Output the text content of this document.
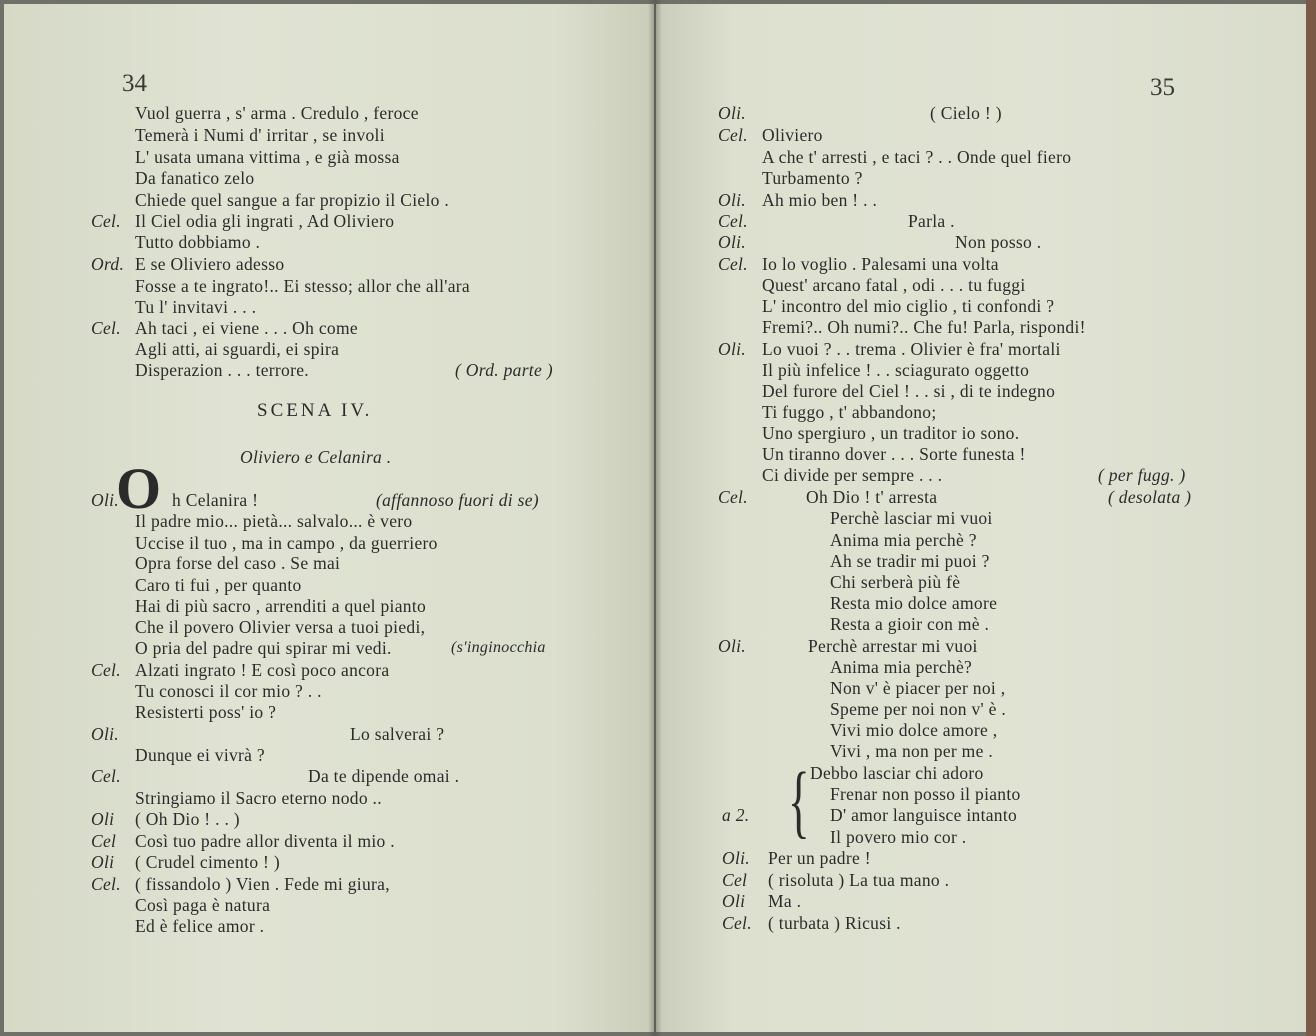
34
Vuol guerra , s' arma . Credulo , feroce
Temerà i Numi d' irritar , se involi
L' usata umana vittima , e già mossa
Da fanatico zelo
Chiede quel sangue a far propizio il Cielo .
Cel. Il Ciel odia gli ingrati , Ad Oliviero
Tutto dobbiamo .
Ord. E se Oliviero adesso
Fosse a te ingrato!.. Ei stesso; allor che all'ara
Tu l' invitavi . . .
Cel. Ah taci , ei viene . . . Oh come
Agli atti, ai sguardi, ei spira
Disperazion . . . terrore.	( Ord. parte )
SCENA IV.
Oliviero e Celanira .
Oli.
O h Celanira !	(affannoso fuori di se)
Il padre mio... pietà... salvalo... è vero
Uccise il tuo , ma in campo , da guerriero
Opra forse del caso . Se mai
Caro ti fui , per quanto
Hai di più sacro , arrenditi a quel pianto
Che il povero Olivier versa a tuoi piedi,
O pria del padre qui spirar mi vedi.
Cel. Alzati ingrato ! E così poco ancora
Tu conosci il cor mio ? . .
Resisterti poss' io ?
Oli.	Lo salverai ?
Dunque ei vivrà ?
Cel.	Da te dipende omai .
Stringiamo il Sacro eterno nodo ..
Oli ( Oh Dio ! . . )
Cel Così tuo padre allor diventa il mio .
Oli ( Crudel cimento ! )
Cel. ( fissandolo ) Vien . Fede mi giura,
Così paga è natura
Ed è felice amor .
(s'inginocchia
35
Oli.	( Cielo ! )
Cel. Oliviero
A che t' arresti , e taci ? . . Onde quel fiero
Turbamento ?
Oli. Ah mio ben ! . .
Cel.	Parla .
Oli.	Non posso .
Cel. Io lo voglio . Palesami una volta
Quest' arcano fatal , odi . . . tu fuggi
L' incontro del mio ciglio , ti confondi ?
Fremi?.. Oh numi?.. Che fu! Parla, rispondi!
Oli. Lo vuoi ? . . trema . Olivier è fra' mortali
Il più infelice ! . . sciagurato oggetto
Del furore del Ciel ! . . si , di te indegno
Ti fuggo , t' abbandono;
Uno spergiuro , un traditor io sono.
Un tiranno dover . . . Sorte funesta !
Ci divide per sempre . . .	( per fugg. )
Cel.	( desolata )
Oh Dio ! t' arresta
Perchè lasciar mi vuoi
Anima mia perchè ?
Ah se tradir mi puoi ?
Chi serberà più fè
Resta mio dolce amore
Resta a gioir con mè .
Oli.	Perchè arrestar mi vuoi
Anima mia perchè?
Non v' è piacer per noi ,
Speme per noi non v' è .
Vivi mio dolce amore ,
Vivi , ma non per me .
a 2. { Debbo lasciar chi adoro
Frenar non posso il pianto
D' amor languisce intanto
Il povero mio cor .
Oli. Per un padre !
Cel ( risoluta ) La tua mano .
Oli Ma .
Cel. ( turbata ) Ricusi .
